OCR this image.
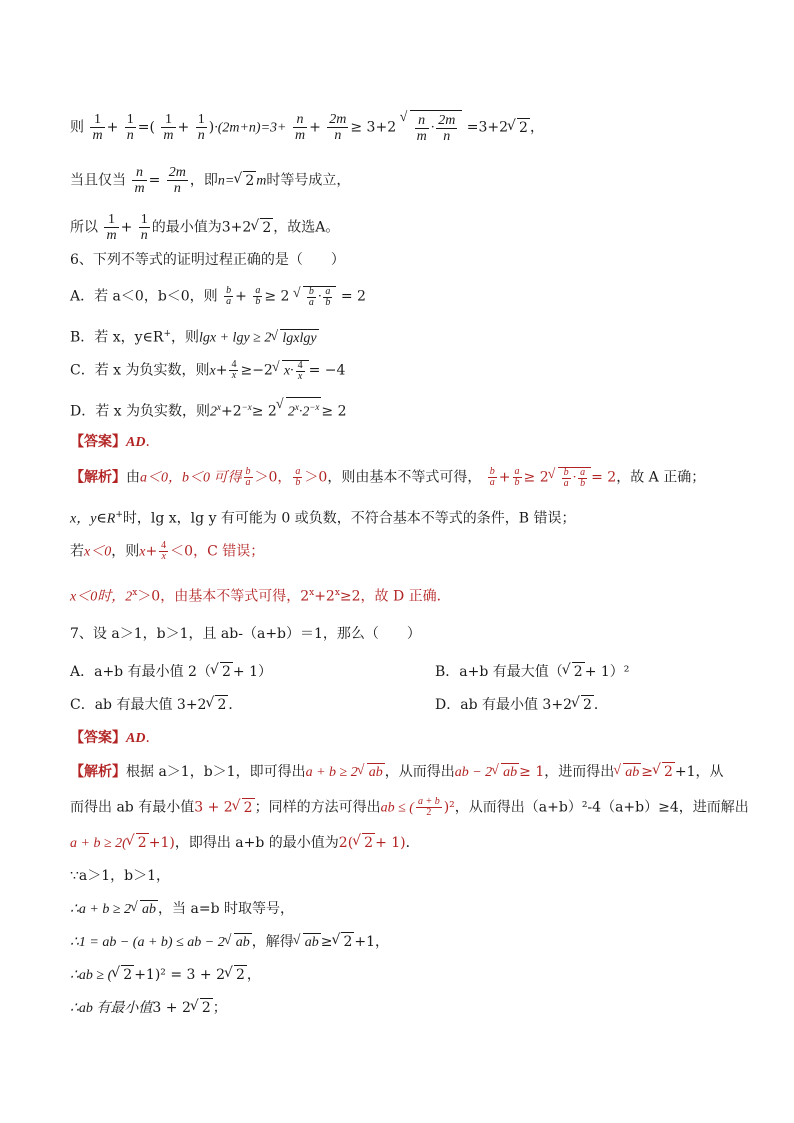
则 $\frac{1}{m} + \frac{1}{n}$ =( $\frac{1}{m} + \frac{1}{n} )\cdot(2m+n)=3+ \frac{n}{m} + \frac{2m}{n} \ge 3+2$
√ $\frac{n}{m} \cdot \frac{2m}{n} =3+2√$ 2 ，
当且仅当 $\frac{n}{m} = \frac{2m}{n}$ ，即n=√ 2 m时等号成立，
所以 $\frac{1}{m} + \frac{1}{n}$ 的最小值为3+2√ 2 ，故选A。
6、下列不等式的证明过程正确的是（　　）
A．若 a＜0，b＜0，则 $\frac{b}{a} + \frac{a}{b} \ge 2$
√ $\frac{b}{a} \cdot \frac{a}{b} = 2$
B．若 x，y∈R+，则lgx + lgy ≥ 2√ lgxlgy
C．若 x 为负实数，则$x+ \frac{4}{x} \ge-2√$ $x\cdot \frac{4}{x} = -4$
D．若 x 为负实数，则$2^x+2^{-x}\ge 2√$ $2^x\cdot 2^{-x} \ge 2$
【答案】AD．
【解析】由a＜0，b＜0 可得 $\frac{b}{a} >0$， $\frac{a}{b} >0$，则由基本不等式可得， $\frac{b}{a} + \frac{a}{b} \ge 2$
√ $\frac{b}{a} \cdot \frac{a}{b} = 2$，故 A 正确；
x，y∈R+时，lg x，lg y 有可能为 0 或负数，不符合基本不等式的条件，B 错误；
若x＜0，则$x+ \frac{4}{x} <0$，C 错误；
x＜0时，$2^x>0$，由基本不等式可得，$2^x+2^x\ge 2$，故 D 正确．
7、设 a＞1，b＞1，且 ab-（a+b）＝1，那么（　　）
A．a+b 有最小值 2（√ 2 + 1）	B．a+b 有最大值（√ 2 + 1）²
C．ab 有最大值 3+2√ 2 ．	D．ab 有最小值 3+2√ 2 ．
【答案】AD．
【解析】根据 a＞1，b＞1，即可得出a + b ≥ 2√ ab ，从而得出ab − 2√ ab ≥ 1，进而得出√ ab ≥√ 2 +1，从
而得出 ab 有最小值3 + 2√ 2 ；同样的方法可得出ab ≤ ( $\frac{a + b}{2} )^2$，从而得出（a+b）²-4（a+b）≥4，进而解出
a + b ≥ 2(√ 2 +1)，即得出 a+b 的最小值为2(√ 2 + 1)．
∵a＞1，b＞1，
∴a + b ≥ 2√ ab ，当 a=b 时取等号，
∴1 = ab − (a + b) ≤ ab − 2√ ab ，解得√ ab ≥√ 2 +1，
∴ab ≥ (√ 2 +1)² = 3 + 2√ 2 ，
∴ab 有最小值3 + 2√ 2 ；
